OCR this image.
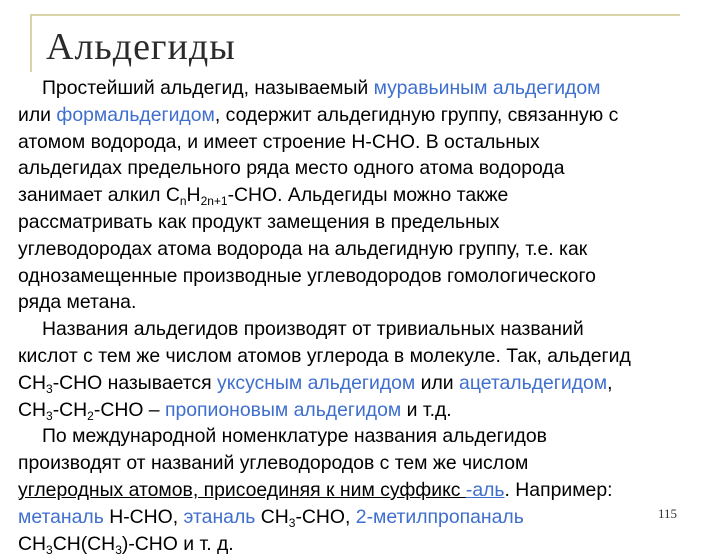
Альдегиды
Простейший альдегид, называемый муравьиным альдегидом
или формальдегидом, содержит альдегидную группу, связанную с
атомом водорода, и имеет строение H-CHO. В остальных
альдегидах предельного ряда место одного атома водорода
занимает алкил $C_nH_{2n+1}$-CHO. Альдегиды можно также
рассматривать как продукт замещения в предельных
углеводородах атома водорода на альдегидную группу, т.е. как
однозамещенные производные углеводородов гомологического
ряда метана.
Названия альдегидов производят от тривиальных названий
кислот с тем же числом атомов углерода в молекуле. Так, альдегид
$CH_3$-CHO называется уксусным альдегидом или ацетальдегидом,
$CH_3-CH_2$-CHO – пропионовым альдегидом и т.д.
По международной номенклатуре названия альдегидов
производят от названий углеводородов с тем же числом
углеродных атомов, присоединяя к ним суффикс -аль. Например:
метаналь H-CHO, этаналь $CH_3$-CHO, 2-метилпропаналь
$CH_3CH(CH_3)$-CHO и т. д.
115
